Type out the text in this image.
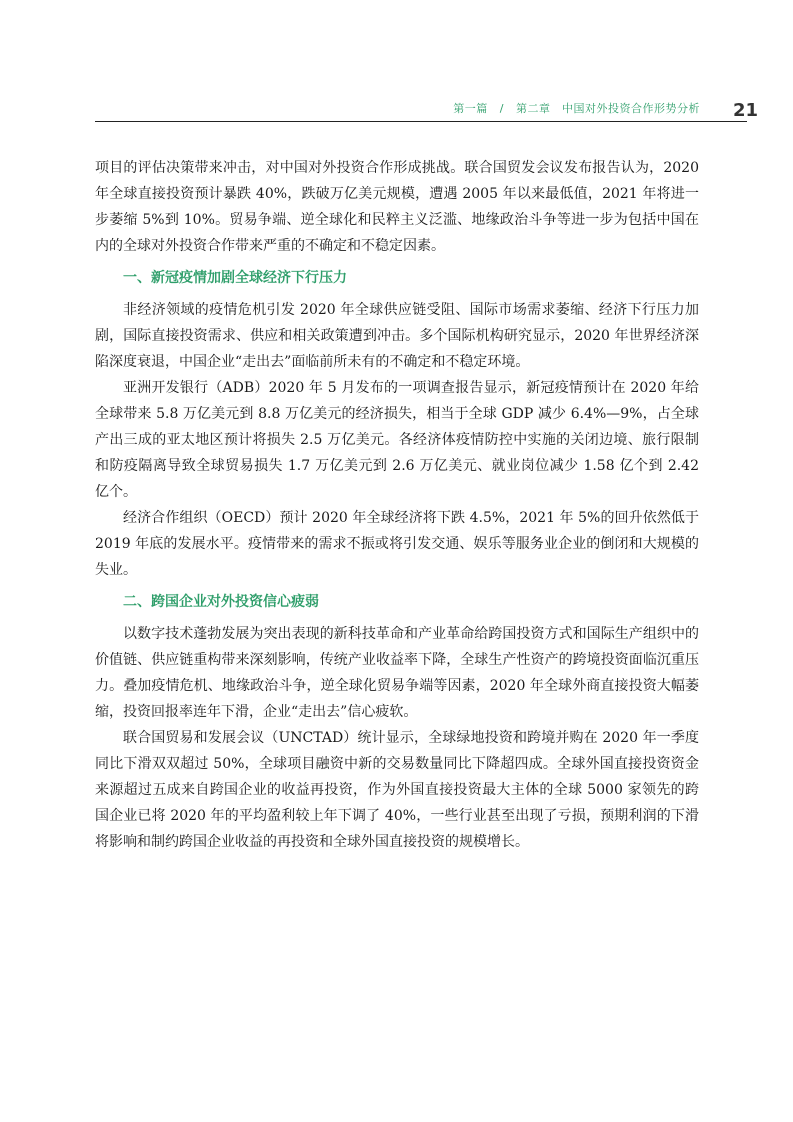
第一篇 / 第二章　中国对外投资合作形势分析	21

项目的评估决策带来冲击，对中国对外投资合作形成挑战。联合国贸发会议发布报告认为，2020 年全球直接投资预计暴跌 40%，跌破万亿美元规模，遭遇 2005 年以来最低值，2021 年将进一步萎缩 5%到 10%。贸易争端、逆全球化和民粹主义泛滥、地缘政治斗争等进一步为包括中国在内的全球对外投资合作带来严重的不确定和不稳定因素。

一、新冠疫情加剧全球经济下行压力

非经济领域的疫情危机引发 2020 年全球供应链受阻、国际市场需求萎缩、经济下行压力加剧，国际直接投资需求、供应和相关政策遭到冲击。多个国际机构研究显示，2020 年世界经济深陷深度衰退，中国企业“走出去”面临前所未有的不确定和不稳定环境。

亚洲开发银行（ADB）2020 年 5 月发布的一项调查报告显示，新冠疫情预计在 2020 年给全球带来 5.8 万亿美元到 8.8 万亿美元的经济损失，相当于全球 GDP 减少 6.4%—9%，占全球产出三成的亚太地区预计将损失 2.5 万亿美元。各经济体疫情防控中实施的关闭边境、旅行限制和防疫隔离导致全球贸易损失 1.7 万亿美元到 2.6 万亿美元、就业岗位减少 1.58 亿个到 2.42 亿个。

经济合作组织（OECD）预计 2020 年全球经济将下跌 4.5%，2021 年 5%的回升依然低于 2019 年底的发展水平。疫情带来的需求不振或将引发交通、娱乐等服务业企业的倒闭和大规模的失业。

二、跨国企业对外投资信心疲弱

以数字技术蓬勃发展为突出表现的新科技革命和产业革命给跨国投资方式和国际生产组织中的价值链、供应链重构带来深刻影响，传统产业收益率下降，全球生产性资产的跨境投资面临沉重压力。叠加疫情危机、地缘政治斗争，逆全球化贸易争端等因素，2020 年全球外商直接投资大幅萎缩，投资回报率连年下滑，企业“走出去”信心疲软。

联合国贸易和发展会议（UNCTAD）统计显示，全球绿地投资和跨境并购在 2020 年一季度同比下滑双双超过 50%，全球项目融资中新的交易数量同比下降超四成。全球外国直接投资资金来源超过五成来自跨国企业的收益再投资，作为外国直接投资最大主体的全球 5000 家领先的跨国企业已将 2020 年的平均盈利较上年下调了 40%，一些行业甚至出现了亏损，预期利润的下滑将影响和制约跨国企业收益的再投资和全球外国直接投资的规模增长。
